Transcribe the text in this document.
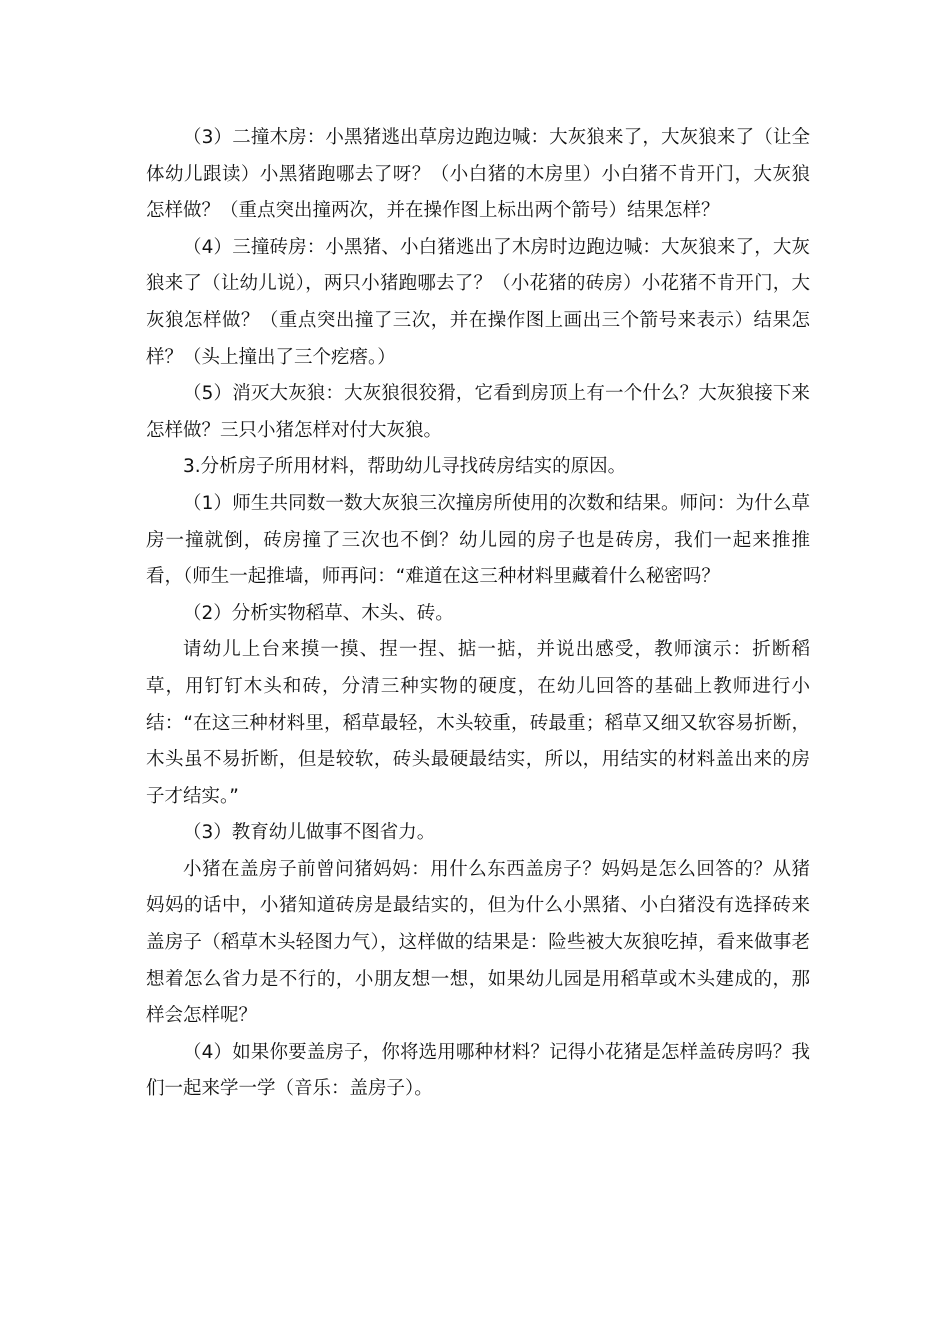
（3）二撞木房：小黑猪逃出草房边跑边喊：大灰狼来了，大灰狼来了（让全体幼儿跟读）小黑猪跑哪去了呀？（小白猪的木房里）小白猪不肯开门，大灰狼怎样做？（重点突出撞两次，并在操作图上标出两个箭号）结果怎样？

（4）三撞砖房：小黑猪、小白猪逃出了木房时边跑边喊：大灰狼来了，大灰狼来了（让幼儿说），两只小猪跑哪去了？（小花猪的砖房）小花猪不肯开门，大灰狼怎样做？（重点突出撞了三次，并在操作图上画出三个箭号来表示）结果怎样？（头上撞出了三个疙瘩。）

（5）消灭大灰狼：大灰狼很狡猾，它看到房顶上有一个什么？大灰狼接下来怎样做？三只小猪怎样对付大灰狼。

3.分析房子所用材料，帮助幼儿寻找砖房结实的原因。

（1）师生共同数一数大灰狼三次撞房所使用的次数和结果。师问：为什么草房一撞就倒，砖房撞了三次也不倒？幼儿园的房子也是砖房，我们一起来推推看，（师生一起推墙，师再问：“难道在这三种材料里藏着什么秘密吗？

（2）分析实物稻草、木头、砖。

请幼儿上台来摸一摸、捏一捏、掂一掂，并说出感受，教师演示：折断稻草，用钉钉木头和砖，分清三种实物的硬度，在幼儿回答的基础上教师进行小结：“在这三种材料里，稻草最轻，木头较重，砖最重；稻草又细又软容易折断，木头虽不易折断，但是较软，砖头最硬最结实，所以，用结实的材料盖出来的房子才结实。”

（3）教育幼儿做事不图省力。

小猪在盖房子前曾问猪妈妈：用什么东西盖房子？妈妈是怎么回答的？从猪妈妈的话中，小猪知道砖房是最结实的，但为什么小黑猪、小白猪没有选择砖来盖房子（稻草木头轻图力气），这样做的结果是：险些被大灰狼吃掉，看来做事老想着怎么省力是不行的，小朋友想一想，如果幼儿园是用稻草或木头建成的，那样会怎样呢？

（4）如果你要盖房子，你将选用哪种材料？记得小花猪是怎样盖砖房吗？我们一起来学一学（音乐：盖房子）。
